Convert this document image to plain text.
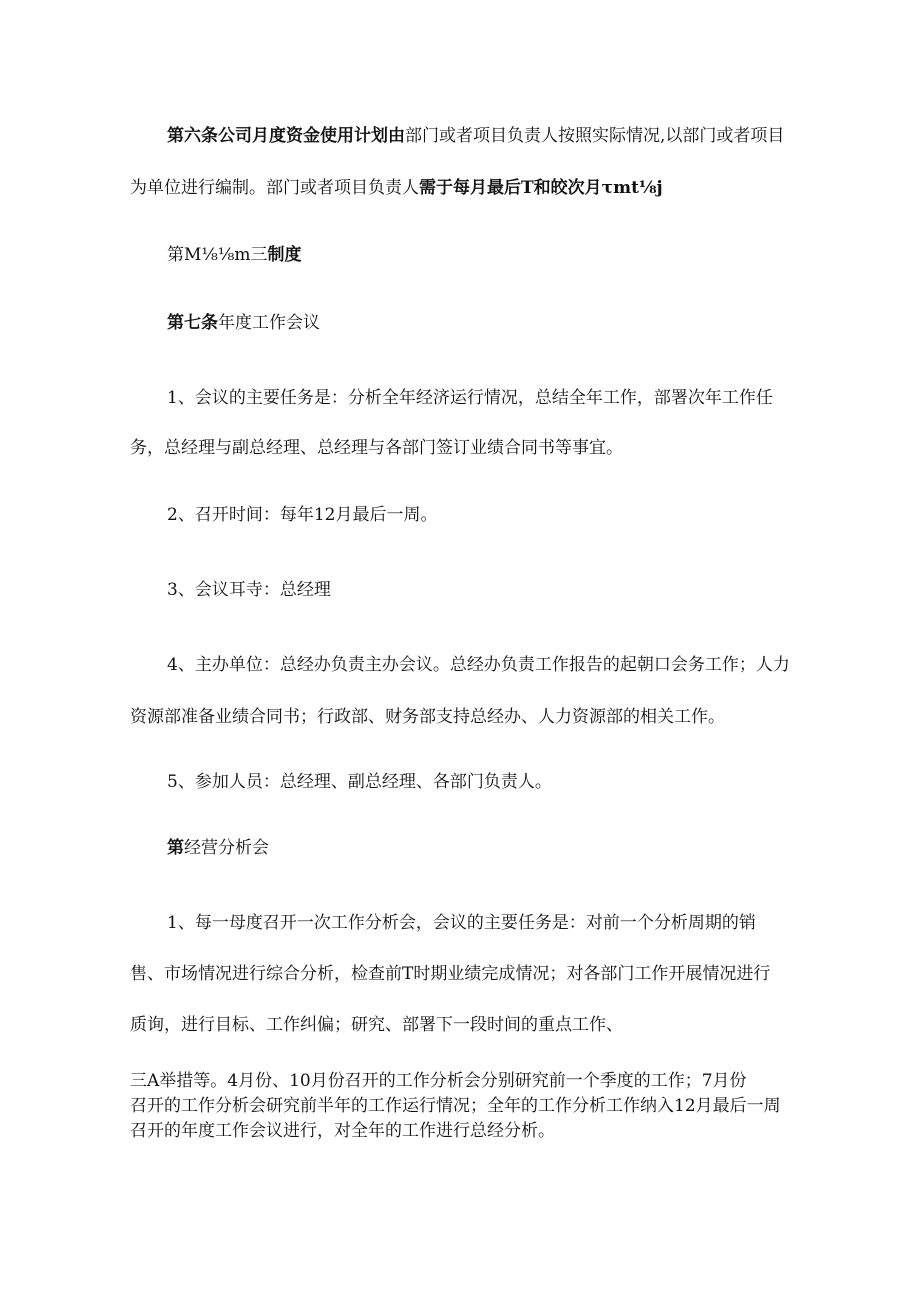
第六条公司月度资金使用计划由部门或者项目负责人按照实际情况,以部门或者项目

为单位进行编制。部门或者项目负责人需于每月最后T和皎次月τmt⅛j

第M⅛⅛m三制度

第七条年度工作会议

1、会议的主要任务是：分析全年经济运行情况，总结全年工作，部署次年工作任

务，总经理与副总经理、总经理与各部门签订业绩合同书等事宜。

2、召开时间：每年12月最后一周。

3、会议耳寺：总经理

4、主办单位：总经办负责主办会议。总经办负责工作报告的起朝口会务工作；人力

资源部准备业绩合同书；行政部、财务部支持总经办、人力资源部的相关工作。

5、参加人员：总经理、副总经理、各部门负责人。

第经营分析会

1、每一母度召开一次工作分析会，会议的主要任务是：对前一个分析周期的销

售、市场情况进行综合分析，检查前T时期业绩完成情况；对各部门工作开展情况进行

质询，进行目标、工作纠偏；研究、部署下一段时间的重点工作、

三A举措等。4月份、10月份召开的工作分析会分别研究前一个季度的工作；7月份

召开的工作分析会研究前半年的工作运行情况；全年的工作分析工作纳入12月最后一周

召开的年度工作会议进行，对全年的工作进行总经分析。
